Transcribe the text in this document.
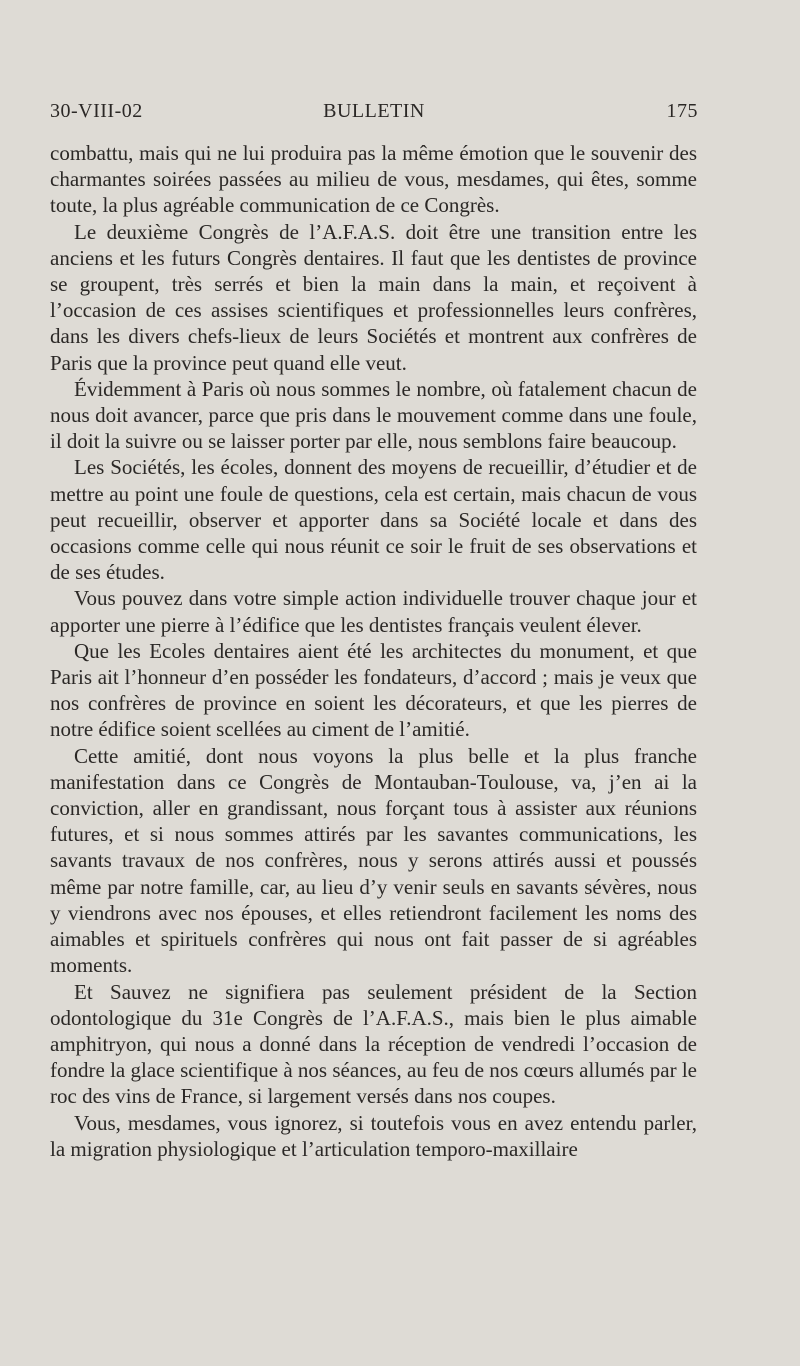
30-VIII-02	BULLETIN	175

combattu, mais qui ne lui produira pas la même émotion que le souvenir des charmantes soirées passées au milieu de vous, mesdames, qui êtes, somme toute, la plus agréable communication de ce Congrès.

Le deuxième Congrès de l’A.F.A.S. doit être une transition entre les anciens et les futurs Congrès dentaires. Il faut que les dentistes de province se groupent, très serrés et bien la main dans la main, et reçoivent à l’occasion de ces assises scientifiques et professionnelles leurs confrères, dans les divers chefs-lieux de leurs Sociétés et montrent aux confrères de Paris que la province peut quand elle veut.

Évidemment à Paris où nous sommes le nombre, où fatalement chacun de nous doit avancer, parce que pris dans le mouvement comme dans une foule, il doit la suivre ou se laisser porter par elle, nous semblons faire beaucoup.

Les Sociétés, les écoles, donnent des moyens de recueillir, d’étudier et de mettre au point une foule de questions, cela est certain, mais chacun de vous peut recueillir, observer et apporter dans sa Société locale et dans des occasions comme celle qui nous réunit ce soir le fruit de ses observations et de ses études.

Vous pouvez dans votre simple action individuelle trouver chaque jour et apporter une pierre à l’édifice que les dentistes français veulent élever.

Que les Ecoles dentaires aient été les architectes du monument, et que Paris ait l’honneur d’en posséder les fondateurs, d’accord ; mais je veux que nos confrères de province en soient les décorateurs, et que les pierres de notre édifice soient scellées au ciment de l’amitié.

Cette amitié, dont nous voyons la plus belle et la plus franche manifestation dans ce Congrès de Montauban-Toulouse, va, j’en ai la conviction, aller en grandissant, nous forçant tous à assister aux réunions futures, et si nous sommes attirés par les savantes communications, les savants travaux de nos confrères, nous y serons attirés aussi et poussés même par notre famille, car, au lieu d’y venir seuls en savants sévères, nous y viendrons avec nos épouses, et elles retiendront facilement les noms des aimables et spirituels confrères qui nous ont fait passer de si agréables moments.

Et Sauvez ne signifiera pas seulement président de la Section odontologique du 31e Congrès de l’A.F.A.S., mais bien le plus aimable amphitryon, qui nous a donné dans la réception de vendredi l’occasion de fondre la glace scientifique à nos séances, au feu de nos cœurs allumés par le roc des vins de France, si largement versés dans nos coupes.

Vous, mesdames, vous ignorez, si toutefois vous en avez entendu parler, la migration physiologique et l’articulation temporo-maxillaire
